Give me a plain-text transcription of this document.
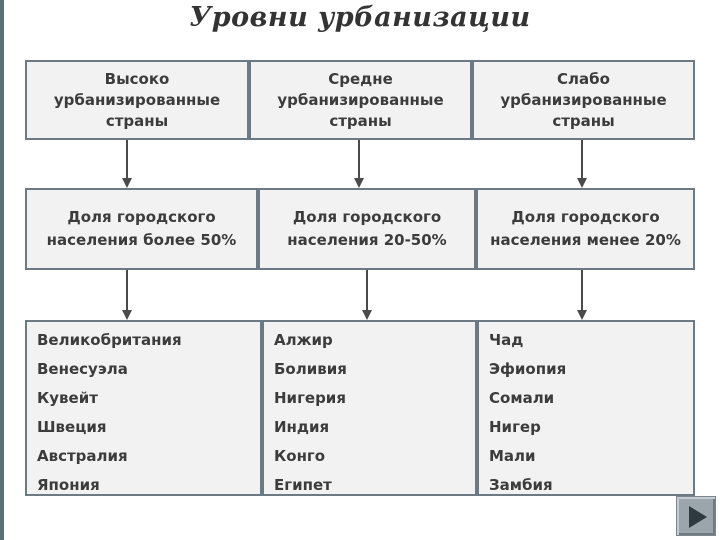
Уровни урбанизации
Высоко
урбанизированные
страны
Средне
урбанизированные
страны
Слабо
урбанизированные
страны
Доля городского
населения более 50%
Доля городского
населения 20-50%
Доля городского
населения менее 20%
Великобритания
Венесуэла
Кувейт
Швеция
Австралия
Япония
Алжир
Боливия
Нигерия
Индия
Конго
Египет
Чад
Эфиопия
Сомали
Нигер
Мали
Замбия
